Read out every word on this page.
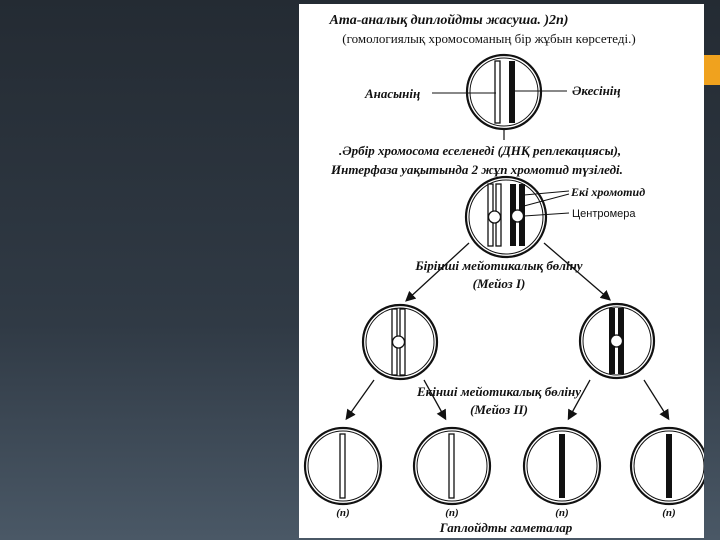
Ата-аналық диплойдты жасуша. )2n)
(гомологиялық хромосоманың бір жұбын көрсетеді.)
Анасынің	Әкесінің
.Әрбір хромосома еселенеді (ДНҚ реплекациясы),
Интерфаза уақытында 2 жұп хромотид түзіледі.
Екі хромотид
Центромера
Бірінші мейотикалық бөліну
(Мейоз I)
Екінші мейотикалық бөліну
(Мейоз II)
(n)	(n)	(n)	(n)
Гаплойдты гаметалар
